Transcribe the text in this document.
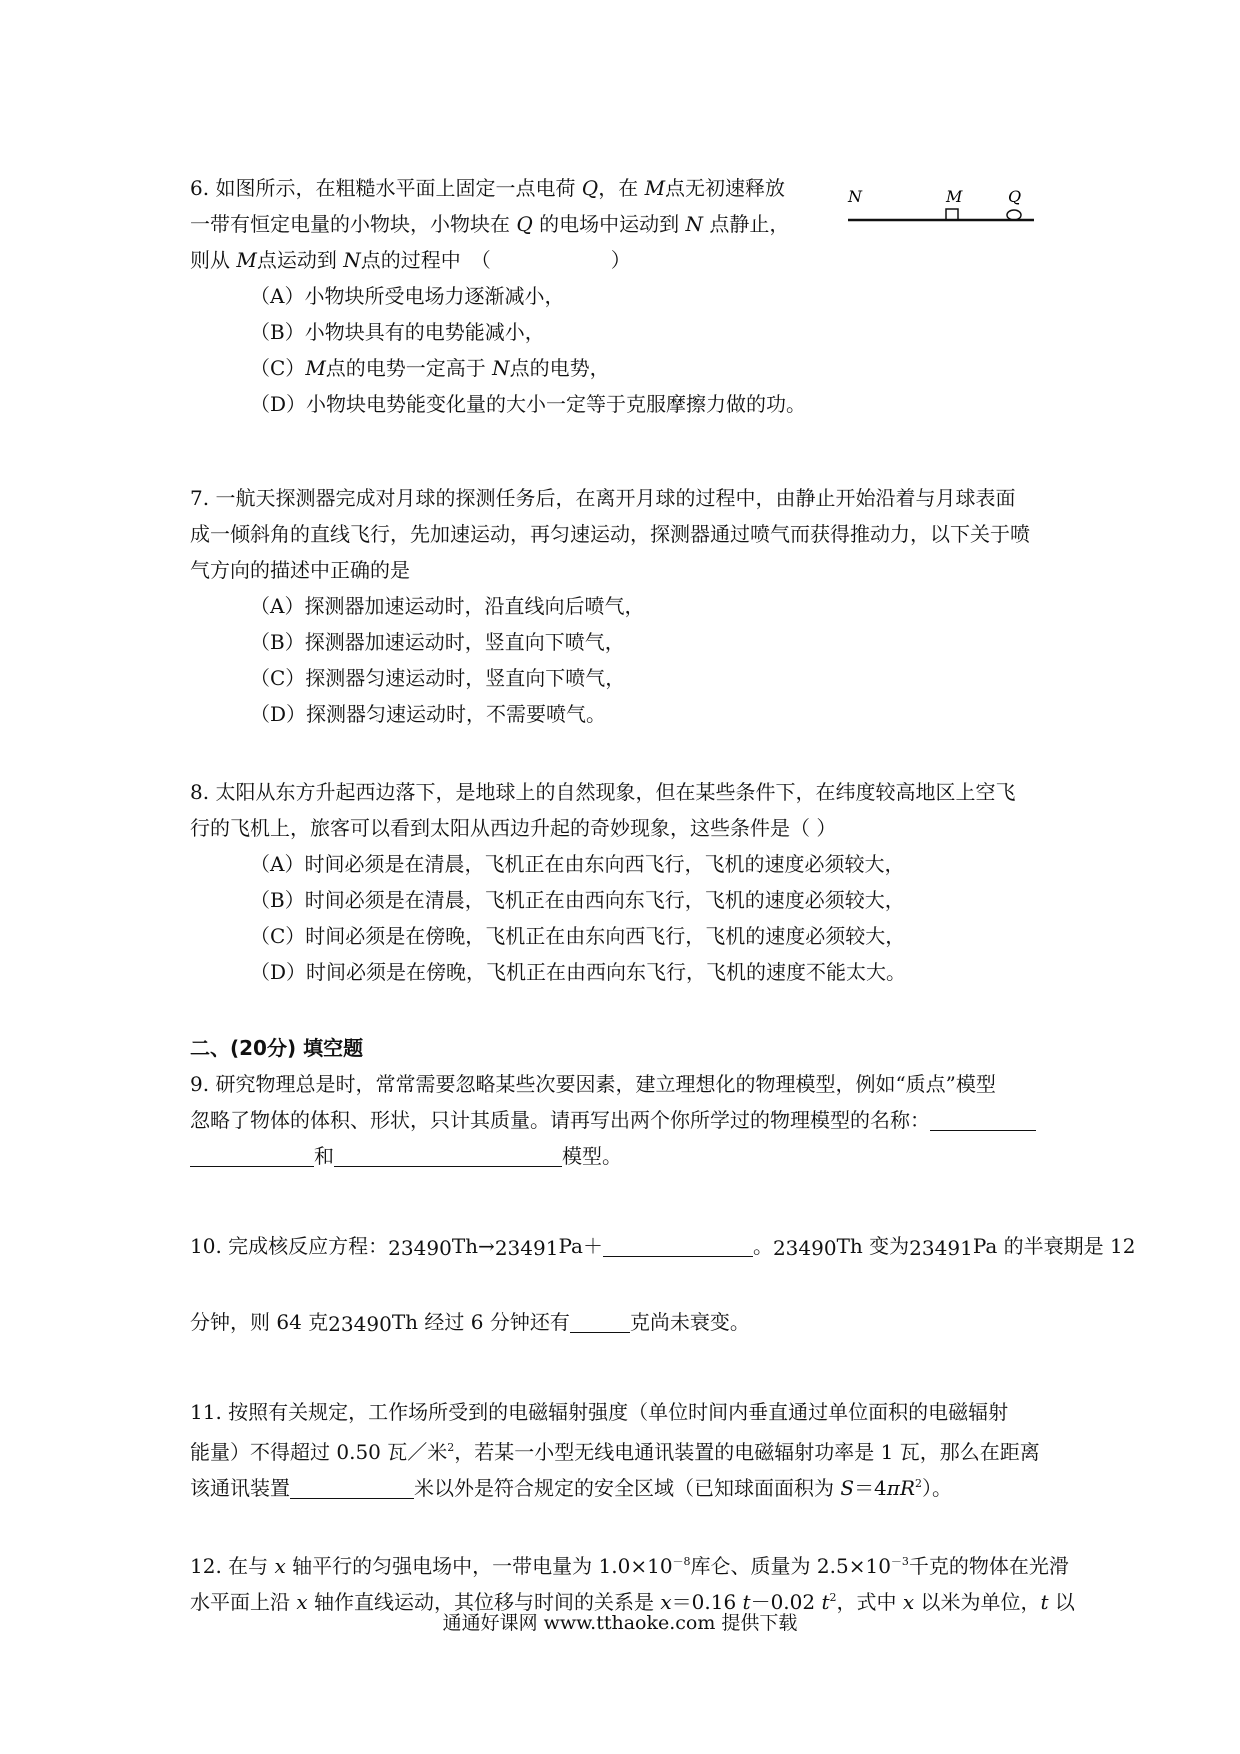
6. 如图所示，在粗糙水平面上固定一点电荷 Q，在 M点无初速释放
一带有恒定电量的小物块，小物块在 Q 的电场中运动到 N 点静止，
则从 M点运动到 N点的过程中　（　　　　　　）
（A）小物块所受电场力逐渐减小，
（B）小物块具有的电势能减小，
（C）M点的电势一定高于 N点的电势，
（D）小物块电势能变化量的大小一定等于克服摩擦力做的功。
N	M	Q
7. 一航天探测器完成对月球的探测任务后，在离开月球的过程中，由静止开始沿着与月球表面
成一倾斜角的直线飞行，先加速运动，再匀速运动，探测器通过喷气而获得推动力，以下关于喷
气方向的描述中正确的是
（A）探测器加速运动时，沿直线向后喷气，
（B）探测器加速运动时，竖直向下喷气，
（C）探测器匀速运动时，竖直向下喷气，
（D）探测器匀速运动时，不需要喷气。
8. 太阳从东方升起西边落下，是地球上的自然现象，但在某些条件下，在纬度较高地区上空飞
行的飞机上，旅客可以看到太阳从西边升起的奇妙现象，这些条件是（ ）
（A）时间必须是在清晨，飞机正在由东向西飞行，飞机的速度必须较大，
（B）时间必须是在清晨，飞机正在由西向东飞行，飞机的速度必须较大，
（C）时间必须是在傍晚，飞机正在由东向西飞行，飞机的速度必须较大，
（D）时间必须是在傍晚，飞机正在由西向东飞行，飞机的速度不能太大。
二、(20分) 填空题
9. 研究物理总是时，常常需要忽略某些次要因素，建立理想化的物理模型，例如“质点”模型
忽略了物体的体积、形状，只计其质量。请再写出两个你所学过的物理模型的名称：
和	模型。
10. 完成核反应方程：23490Th→23491Pa＋	。23490Th 变为23491Pa 的半衰期是 12
分钟，则 64 克23490Th 经过 6 分钟还有	克尚未衰变。
11. 按照有关规定，工作场所受到的电磁辐射强度（单位时间内垂直通过单位面积的电磁辐射
能量）不得超过 0.50 瓦／米$^2$，若某一小型无线电通讯装置的电磁辐射功率是 1 瓦，那么在距离
该通讯装置	米以外是符合规定的安全区域（已知球面面积为 $S=4\pi R^2$）。
12. 在与 x 轴平行的匀强电场中，一带电量为 $1.0\times 10^{-8}$库仑、质量为 $2.5\times 10^{-3}$千克的物体在光滑
水平面上沿 x 轴作直线运动，其位移与时间的关系是 x＝0.16 t－0.02 $t^2$，式中 x 以米为单位，t 以
通通好课网 www.tthaoke.com 提供下载
